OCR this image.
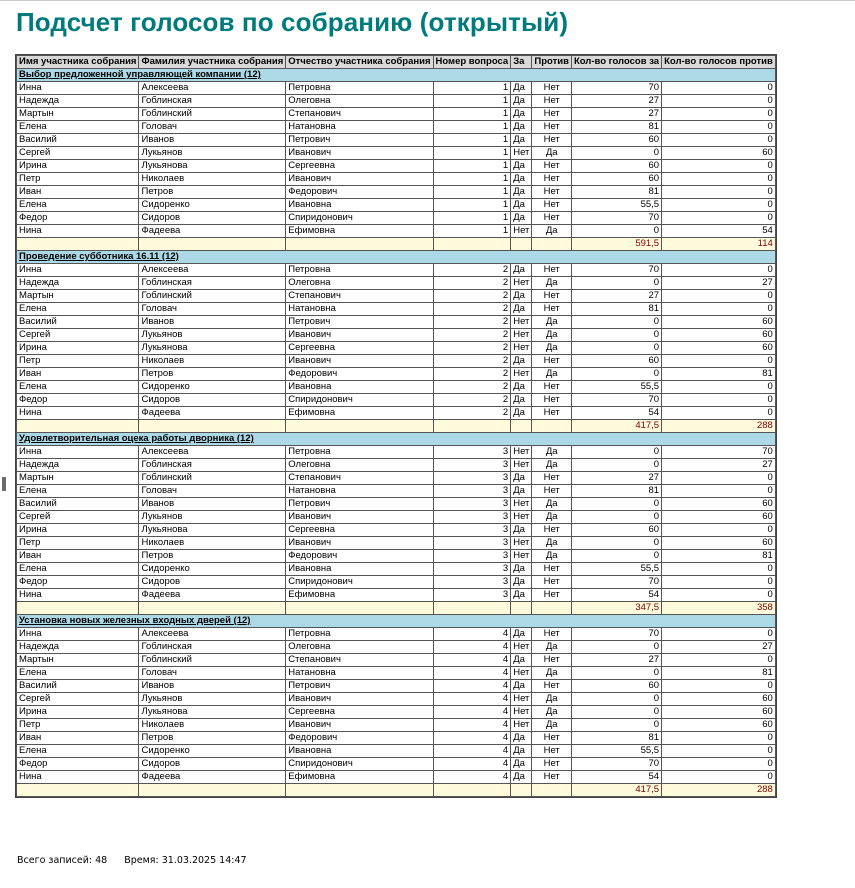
Подсчет голосов по собранию (открытый)
Имя участника собрания	Фамилия участника собрания	Отчество участника собрания	Номер вопроса	За	Против	Кол-во голосов за	Кол-во голосов против
Выбор предложенной управляющей компании (12)							
Инна	Алексеева	Петровна	1	Да	Нет	70	0
Надежда	Гоблинская	Олеговна	1	Да	Нет	27	0
Мартын	Гоблинский	Степанович	1	Да	Нет	27	0
Елена	Головач	Натановна	1	Да	Нет	81	0
Василий	Иванов	Петрович	1	Да	Нет	60	0
Сергей	Лукьянов	Иванович	1	Нет	Да	0	60
Ирина	Лукьянова	Сергеевна	1	Да	Нет	60	0
Петр	Николаев	Иванович	1	Да	Нет	60	0
Иван	Петров	Федорович	1	Да	Нет	81	0
Елена	Сидоренко	Ивановна	1	Да	Нет	55,5	0
Федор	Сидоров	Спиридонович	1	Да	Нет	70	0
Нина	Фадеева	Ефимовна	1	Нет	Да	0	54
						591,5	114
Проведение субботника 16.11 (12)							
Инна	Алексеева	Петровна	2	Да	Нет	70	0
Надежда	Гоблинская	Олеговна	2	Нет	Да	0	27
Мартын	Гоблинский	Степанович	2	Да	Нет	27	0
Елена	Головач	Натановна	2	Да	Нет	81	0
Василий	Иванов	Петрович	2	Нет	Да	0	60
Сергей	Лукьянов	Иванович	2	Нет	Да	0	60
Ирина	Лукьянова	Сергеевна	2	Нет	Да	0	60
Петр	Николаев	Иванович	2	Да	Нет	60	0
Иван	Петров	Федорович	2	Нет	Да	0	81
Елена	Сидоренко	Ивановна	2	Да	Нет	55,5	0
Федор	Сидоров	Спиридонович	2	Да	Нет	70	0
Нина	Фадеева	Ефимовна	2	Да	Нет	54	0
						417,5	288
Удовлетворительная оцека работы дворника (12)							
Инна	Алексеева	Петровна	3	Нет	Да	0	70
Надежда	Гоблинская	Олеговна	3	Нет	Да	0	27
Мартын	Гоблинский	Степанович	3	Да	Нет	27	0
Елена	Головач	Натановна	3	Да	Нет	81	0
Василий	Иванов	Петрович	3	Нет	Да	0	60
Сергей	Лукьянов	Иванович	3	Нет	Да	0	60
Ирина	Лукьянова	Сергеевна	3	Да	Нет	60	0
Петр	Николаев	Иванович	3	Нет	Да	0	60
Иван	Петров	Федорович	3	Нет	Да	0	81
Елена	Сидоренко	Ивановна	3	Да	Нет	55,5	0
Федор	Сидоров	Спиридонович	3	Да	Нет	70	0
Нина	Фадеева	Ефимовна	3	Да	Нет	54	0
						347,5	358
Установка новых железных входных дверей (12)							
Инна	Алексеева	Петровна	4	Да	Нет	70	0
Надежда	Гоблинская	Олеговна	4	Нет	Да	0	27
Мартын	Гоблинский	Степанович	4	Да	Нет	27	0
Елена	Головач	Натановна	4	Нет	Да	0	81
Василий	Иванов	Петрович	4	Да	Нет	60	0
Сергей	Лукьянов	Иванович	4	Нет	Да	0	60
Ирина	Лукьянова	Сергеевна	4	Нет	Да	0	60
Петр	Николаев	Иванович	4	Нет	Да	0	60
Иван	Петров	Федорович	4	Да	Нет	81	0
Елена	Сидоренко	Ивановна	4	Да	Нет	55,5	0
Федор	Сидоров	Спиридонович	4	Да	Нет	70	0
Нина	Фадеева	Ефимовна	4	Да	Нет	54	0
						417,5	288
Всего записей: 48 Время: 31.03.2025 14:47
